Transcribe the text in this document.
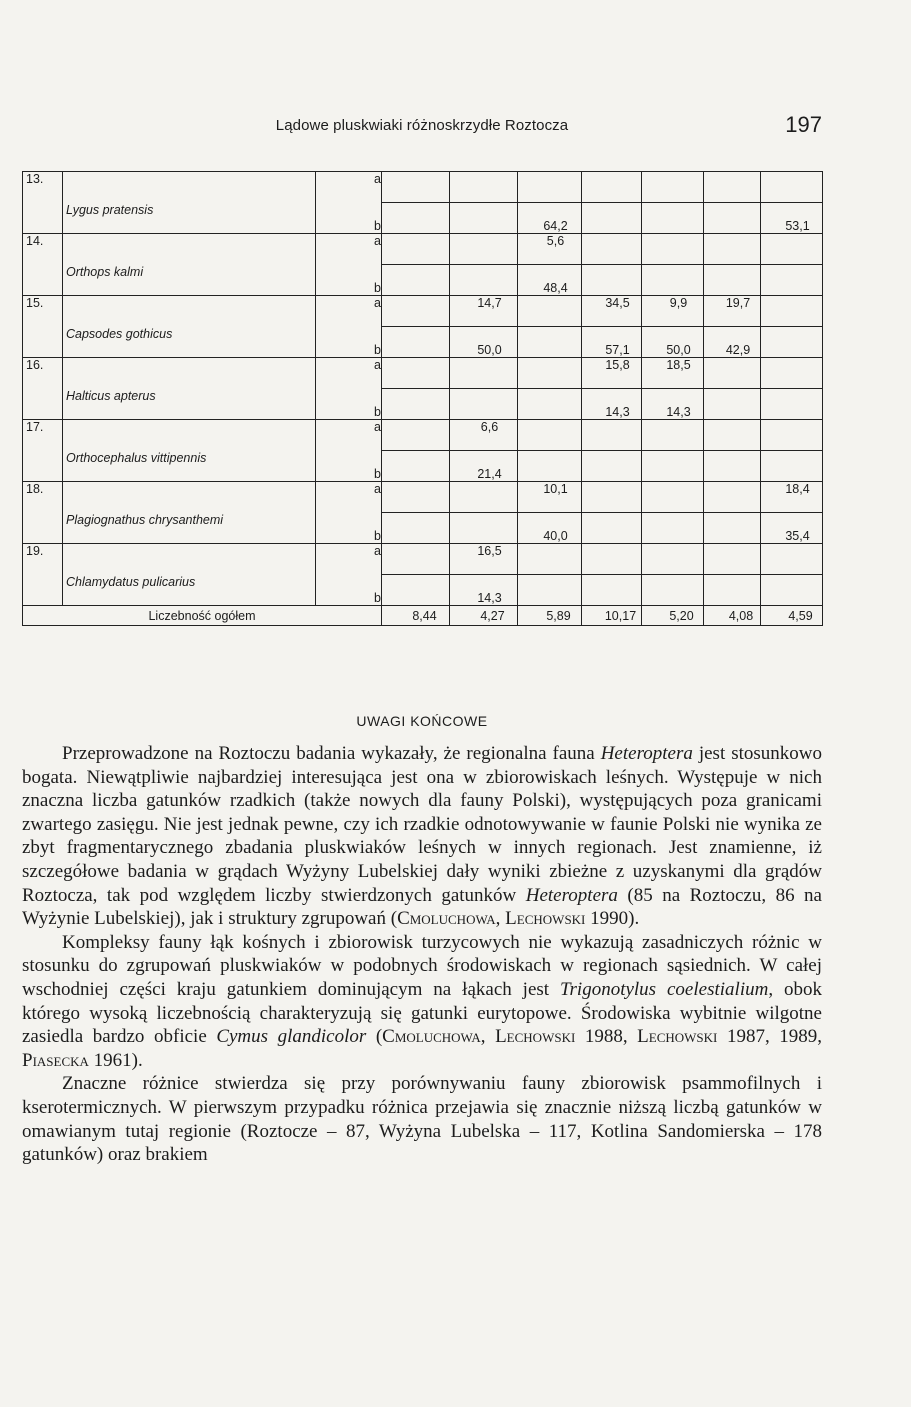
Lądowe pluskwiaki różnoskrzydłe Roztocza	197
13.		a							
	Lygus pratensis	b			64,2				53,1
14.		a			5,6				
	Orthops kalmi	b			48,4				
15.		a		14,7		34,5	9,9	19,7	
	Capsodes gothicus	b		50,0		57,1	50,0	42,9	
16.		a				15,8	18,5		
	Halticus apterus	b				14,3	14,3		
17.		a		6,6					
	Orthocephalus vittipennis	b		21,4					
18.		a			10,1				18,4
	Plagiognathus chrysanthemi	b			40,0				35,4
19.		a		16,5					
	Chlamydatus pulicarius	b		14,3					
Liczebność ogółem			8,44	4,27	5,89	10,17	5,20	4,08	4,59
UWAGI KOŃCOWE

Przeprowadzone na Roztoczu badania wykazały, że regionalna fauna Heteroptera jest stosunkowo bogata. Niewątpliwie najbardziej interesująca jest ona w zbiorowiskach leśnych. Występuje w nich znaczna liczba gatunków rzadkich (także nowych dla fauny Polski), występujących poza granicami zwartego zasięgu. Nie jest jednak pewne, czy ich rzadkie odnotowywanie w faunie Polski nie wynika ze zbyt fragmentarycznego zbadania pluskwiaków leśnych w innych regionach. Jest znamienne, iż szczegółowe badania w grądach Wyżyny Lubelskiej dały wyniki zbieżne z uzyskanymi dla grądów Roztocza, tak pod względem liczby stwierdzonych gatunków Heteroptera (85 na Roztoczu, 86 na Wyżynie Lubelskiej), jak i struktury zgrupowań (Cmoluchowa, Lechowski 1990).

Kompleksy fauny łąk kośnych i zbiorowisk turzycowych nie wykazują zasadniczych różnic w stosunku do zgrupowań pluskwiaków w podobnych środowiskach w regionach sąsiednich. W całej wschodniej części kraju gatunkiem dominującym na łąkach jest Trigonotylus coelestialium, obok którego wysoką liczebnością charakteryzują się gatunki eurytopowe. Środowiska wybitnie wilgotne zasiedla bardzo obficie Cymus glandicolor (Cmoluchowa, Lechowski 1988, Lechowski 1987, 1989, Piasecka 1961).

Znaczne różnice stwierdza się przy porównywaniu fauny zbiorowisk psammofilnych i kserotermicznych. W pierwszym przypadku różnica przejawia się znacznie niższą liczbą gatunków w omawianym tutaj regionie (Roztocze – 87, Wyżyna Lubelska – 117, Kotlina Sandomierska – 178 gatunków) oraz brakiem
